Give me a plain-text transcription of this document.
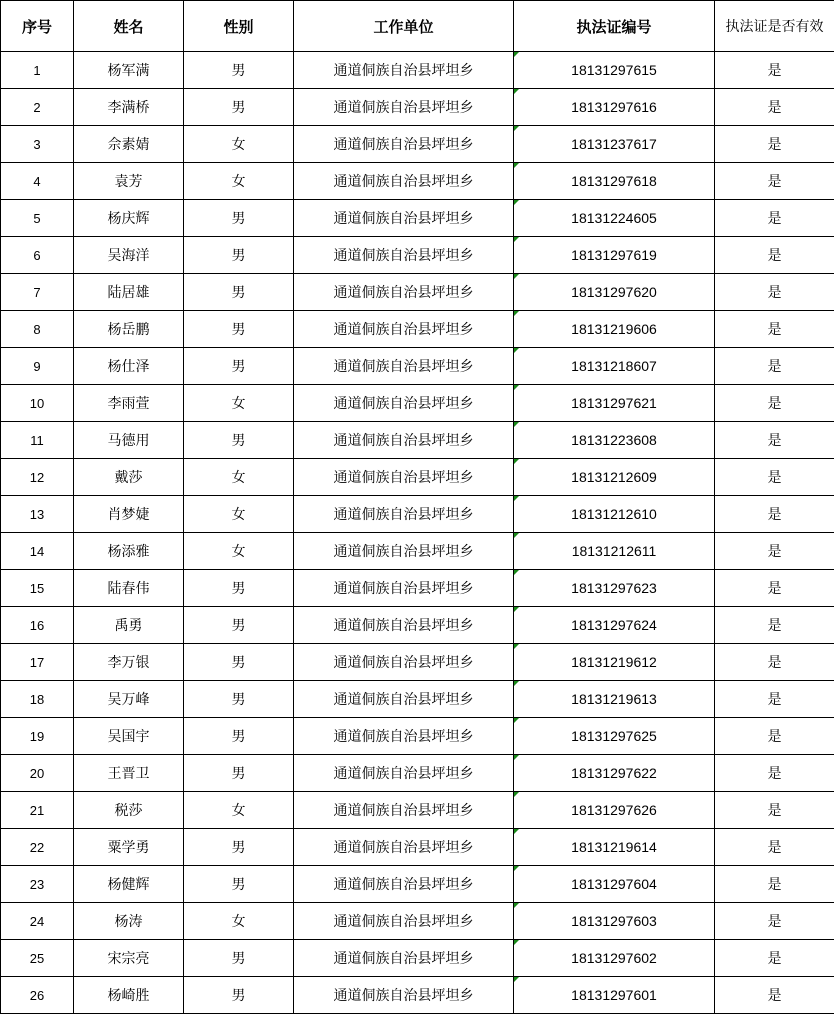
序号	姓名	性别	工作单位	执法证编号	执法证是否有效
1	杨军满	男	通道侗族自治县坪坦乡	18131297615	是
2	李满桥	男	通道侗族自治县坪坦乡	18131297616	是
3	佘素婧	女	通道侗族自治县坪坦乡	18131237617	是
4	袁芳	女	通道侗族自治县坪坦乡	18131297618	是
5	杨庆辉	男	通道侗族自治县坪坦乡	18131224605	是
6	吴海洋	男	通道侗族自治县坪坦乡	18131297619	是
7	陆居雄	男	通道侗族自治县坪坦乡	18131297620	是
8	杨岳鹏	男	通道侗族自治县坪坦乡	18131219606	是
9	杨仕泽	男	通道侗族自治县坪坦乡	18131218607	是
10	李雨萱	女	通道侗族自治县坪坦乡	18131297621	是
11	马德用	男	通道侗族自治县坪坦乡	18131223608	是
12	戴莎	女	通道侗族自治县坪坦乡	18131212609	是
13	肖梦婕	女	通道侗族自治县坪坦乡	18131212610	是
14	杨添雅	女	通道侗族自治县坪坦乡	18131212611	是
15	陆春伟	男	通道侗族自治县坪坦乡	18131297623	是
16	禹勇	男	通道侗族自治县坪坦乡	18131297624	是
17	李万银	男	通道侗族自治县坪坦乡	18131219612	是
18	吴万峰	男	通道侗族自治县坪坦乡	18131219613	是
19	吴国宇	男	通道侗族自治县坪坦乡	18131297625	是
20	王晋卫	男	通道侗族自治县坪坦乡	18131297622	是
21	税莎	女	通道侗族自治县坪坦乡	18131297626	是
22	粟学勇	男	通道侗族自治县坪坦乡	18131219614	是
23	杨健辉	男	通道侗族自治县坪坦乡	18131297604	是
24	杨涛	女	通道侗族自治县坪坦乡	18131297603	是
25	宋宗亮	男	通道侗族自治县坪坦乡	18131297602	是
26	杨崎胜	男	通道侗族自治县坪坦乡	18131297601	是
